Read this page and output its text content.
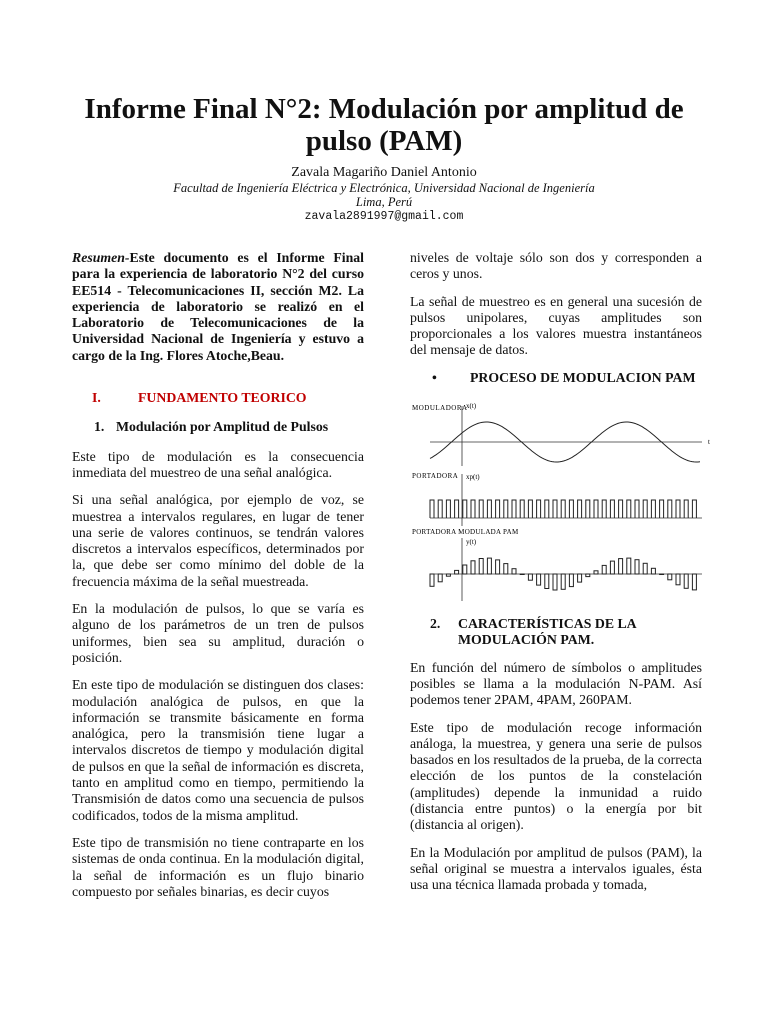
Informe Final N°2: Modulación por amplitud de pulso (PAM)
Zavala Magariño Daniel Antonio
Facultad de Ingeniería Eléctrica y Electrónica, Universidad Nacional de Ingeniería
Lima, Perú
zavala2891997@gmail.com

Resumen-Este documento es el Informe Final para la experiencia de laboratorio N°2 del curso EE514 - Telecomunicaciones II, sección M2. La experiencia de laboratorio se realizó en el Laboratorio de Telecomunicaciones de la Universidad Nacional de Ingeniería y estuvo a cargo de la Ing. Flores Atoche,Beau.

I.	FUNDAMENTO TEORICO
1. Modulación por Amplitud de Pulsos

Este tipo de modulación es la consecuencia inmediata del muestreo de una señal analógica.

Si una señal analógica, por ejemplo de voz, se muestrea a intervalos regulares, en lugar de tener una serie de valores continuos, se tendrán valores discretos a intervalos específicos, determinados por la, que debe ser como mínimo del doble de la frecuencia máxima de la señal muestreada.

En la modulación de pulsos, lo que se varía es alguno de los parámetros de un tren de pulsos uniformes, bien sea su amplitud, duración o posición.

En este tipo de modulación se distinguen dos clases: modulación analógica de pulsos, en que la información se transmite básicamente en forma analógica, pero la transmisión tiene lugar a intervalos discretos de tiempo y modulación digital de pulsos en que la señal de información es discreta, tanto en amplitud como en tiempo, permitiendo la Transmisión de datos como una secuencia de pulsos codificados, todos de la misma amplitud.

Este tipo de transmisión no tiene contraparte en los sistemas de onda continua. En la modulación digital, la señal de información es un flujo binario compuesto por señales binarias, es decir cuyos

niveles de voltaje sólo son dos y corresponden a ceros y unos.

La señal de muestreo es en general una sucesión de pulsos unipolares, cuyas amplitudes son proporcionales a los valores muestra instantáneos del mensaje de datos.

• PROCESO DE MODULACION PAM
MODULADORA
x(t)
t
PORTADORA xp(t)
PORTADORA MODULADA PAM
y(t)
2.	CARACTERÍSTICAS DE LA MODULACIÓN PAM.

En función del número de símbolos o amplitudes posibles se llama a la modulación N-PAM. Así podemos tener 2PAM, 4PAM, 260PAM.

Este tipo de modulación recoge información análoga, la muestrea, y genera una serie de pulsos basados en los resultados de la prueba, de la correcta elección de los puntos de la constelación (amplitudes) depende la inmunidad a ruido (distancia entre puntos) o la energía por bit (distancia al origen).

En la Modulación por amplitud de pulsos (PAM), la señal original se muestra a intervalos iguales, ésta usa una técnica llamada probada y tomada,
